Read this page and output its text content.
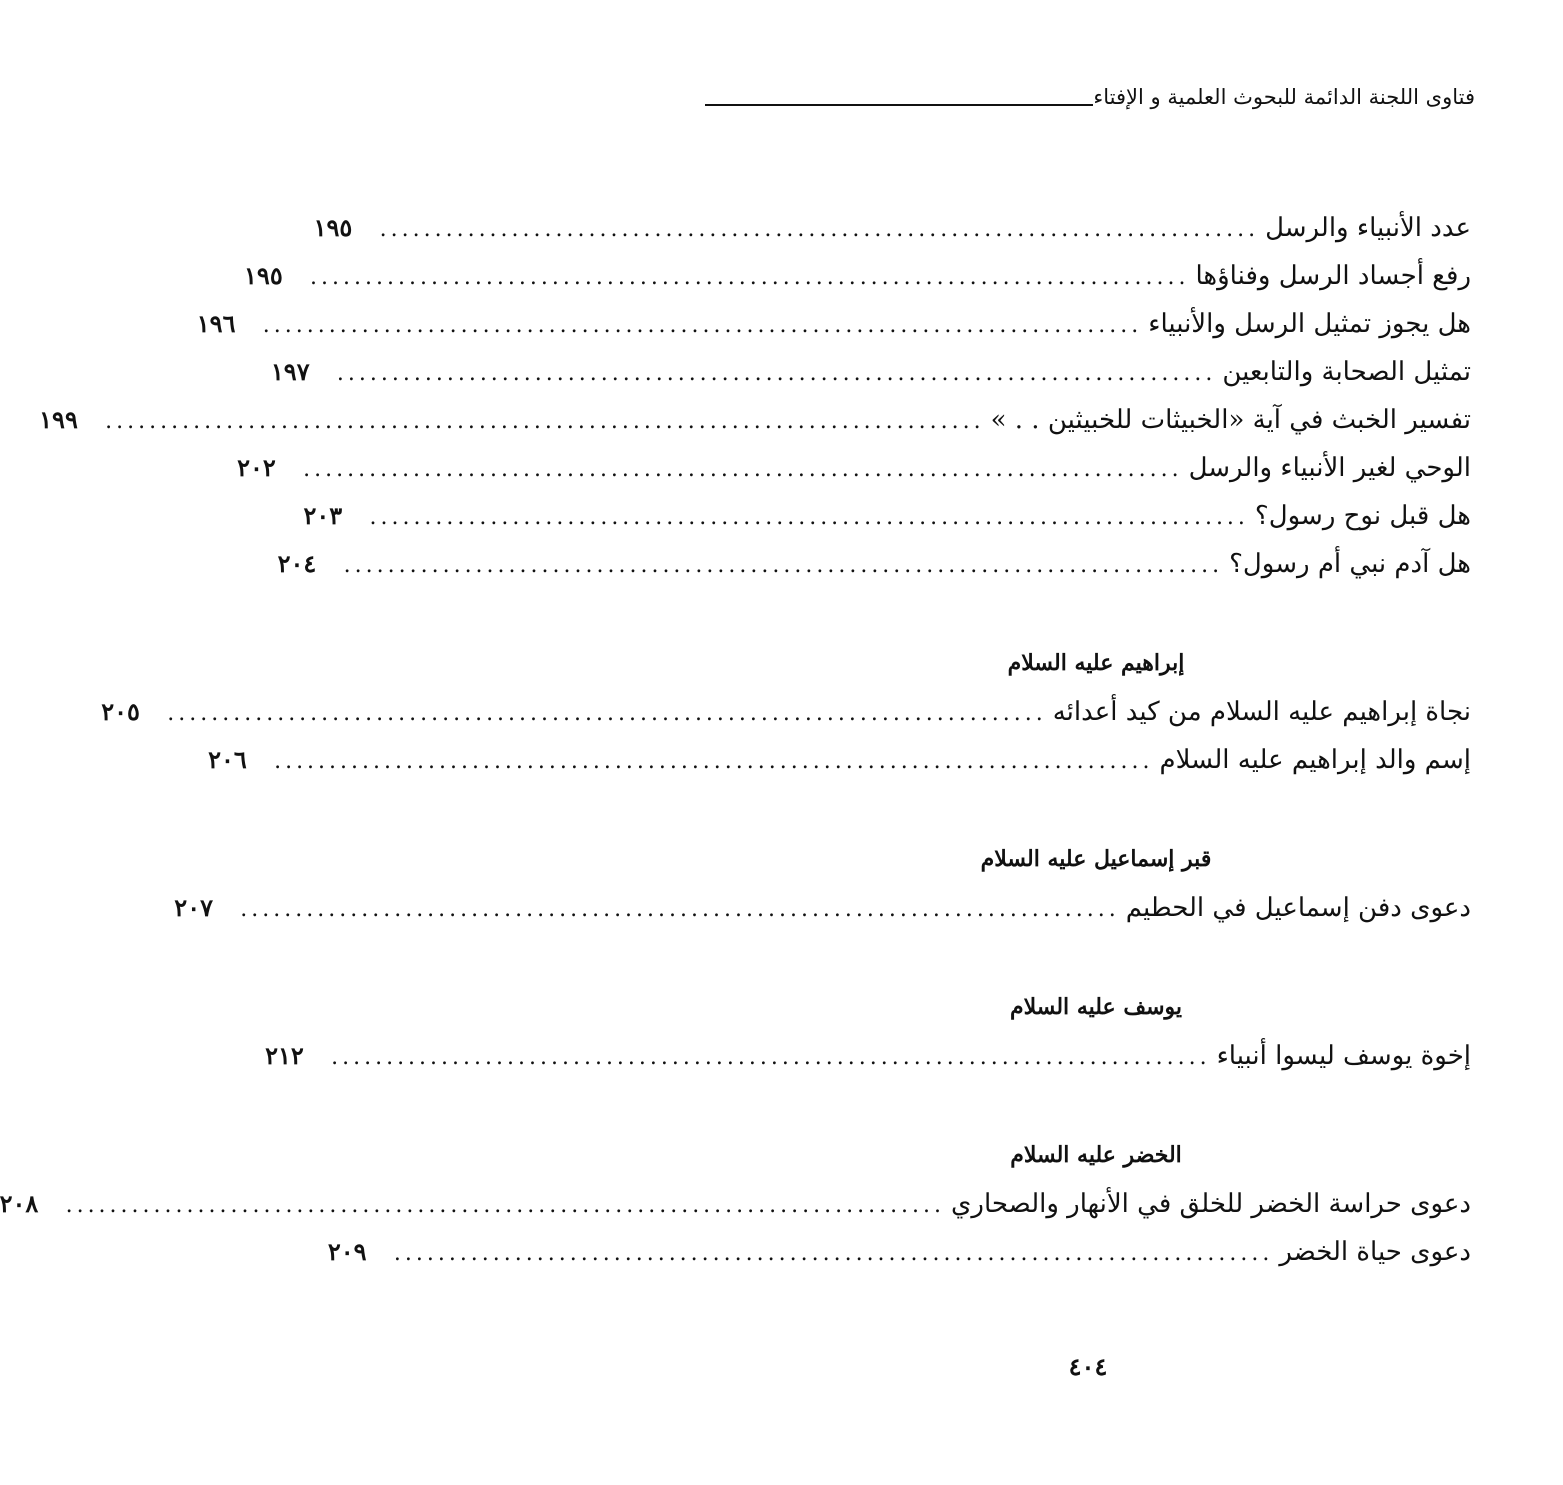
فتاوى اللجنة الدائمة للبحوث العلمية و الإفتاء
عدد الأنبياء والرسل
................................................................................
١٩٥
رفع أجساد الرسل وفناؤها
................................................................................
١٩٥
هل يجوز تمثيل الرسل والأنبياء
................................................................................
١٩٦
تمثيل الصحابة والتابعين
................................................................................
١٩٧
تفسير الخبث في آية «الخبيثات للخبيثين . . »
................................................................................
١٩٩
الوحي لغير الأنبياء والرسل
................................................................................
٢٠٢
هل قبل نوح رسول؟
................................................................................
٢٠٣
هل آدم نبي أم رسول؟
................................................................................
٢٠٤
إبراهيم عليه السلام
نجاة إبراهيم عليه السلام من كيد أعدائه
................................................................................
٢٠٥
إسم والد إبراهيم عليه السلام
................................................................................
٢٠٦
قبر إسماعيل عليه السلام
دعوى دفن إسماعيل في الحطيم
................................................................................
٢٠٧
يوسف عليه السلام
إخوة يوسف ليسوا أنبياء
................................................................................
٢١٢
الخضر عليه السلام
دعوى حراسة الخضر للخلق في الأنهار والصحاري
................................................................................
٢٠٨
دعوى حياة الخضر
................................................................................
٢٠٩
٤٠٤
